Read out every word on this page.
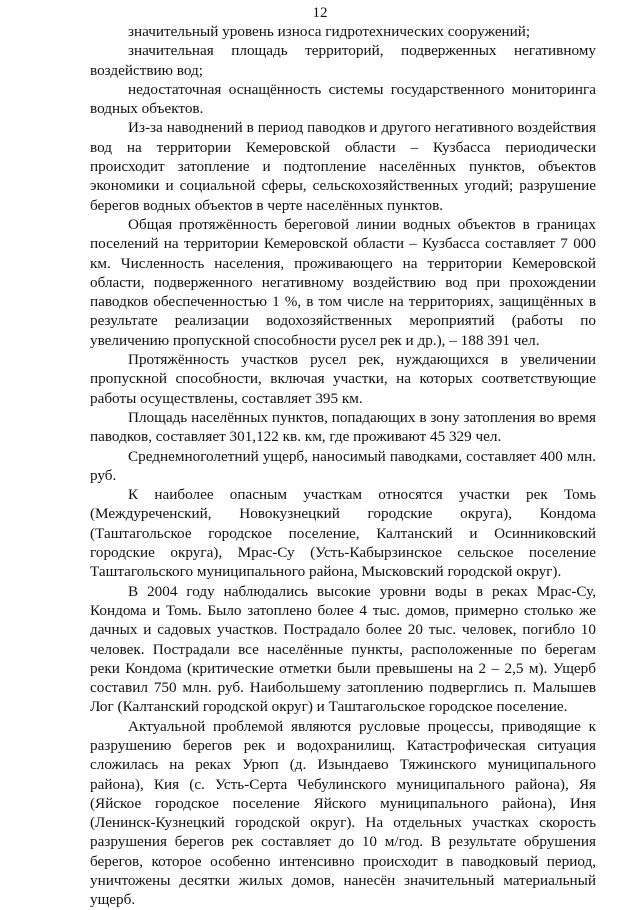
12

значительный уровень износа гидротехнических сооружений;

значительная площадь территорий, подверженных негативному воздействию вод;

недостаточная оснащённость системы государственного мониторинга водных объектов.

Из-за наводнений в период паводков и другого негативного воздействия вод на территории Кемеровской области – Кузбасса периодически происходит затопление и подтопление населённых пунктов, объектов экономики и социальной сферы, сельскохозяйственных угодий; разрушение берегов водных объектов в черте населённых пунктов.

Общая протяжённость береговой линии водных объектов в границах поселений на территории Кемеровской области – Кузбасса составляет 7 000 км. Численность населения, проживающего на территории Кемеровской области, подверженного негативному воздействию вод при прохождении паводков обеспеченностью 1 %, в том числе на территориях, защищённых в результате реализации водохозяйственных мероприятий (работы по увеличению пропускной способности русел рек и др.), – 188 391 чел.

Протяжённость участков русел рек, нуждающихся в увеличении пропускной способности, включая участки, на которых соответствующие работы осуществлены, составляет 395 км.

Площадь населённых пунктов, попадающих в зону затопления во время паводков, составляет 301,122 кв. км, где проживают 45 329 чел.

Среднемноголетний ущерб, наносимый паводками, составляет 400 млн. руб.

К наиболее опасным участкам относятся участки рек Томь (Междуреченский, Новокузнецкий городские округа), Кондома (Таштагольское городское поселение, Калтанский и Осинниковский городские округа), Мрас-Су (Усть-Кабырзинское сельское поселение Таштагольского муниципального района, Мысковский городской округ).

В 2004 году наблюдались высокие уровни воды в реках Мрас-Су, Кондома и Томь. Было затоплено более 4 тыс. домов, примерно столько же дачных и садовых участков. Пострадало более 20 тыс. человек, погибло 10 человек. Пострадали все населённые пункты, расположенные по берегам реки Кондома (критические отметки были превышены на 2 – 2,5 м). Ущерб составил 750 млн. руб. Наибольшему затоплению подверглись п. Малышев Лог (Калтанский городской округ) и Таштагольское городское поселение.

Актуальной проблемой являются русловые процессы, приводящие к разрушению берегов рек и водохранилищ. Катастрофическая ситуация сложилась на реках Урюп (д. Изындаево Тяжинского муниципального района), Кия (с. Усть-Серта Чебулинского муниципального района), Яя (Яйское городское поселение Яйского муниципального района), Иня (Ленинск-Кузнецкий городской округ). На отдельных участках скорость разрушения берегов рек составляет до 10 м/год. В результате обрушения берегов, которое особенно интенсивно происходит в паводковый период, уничтожены десятки жилых домов, нанесён значительный материальный ущерб.
